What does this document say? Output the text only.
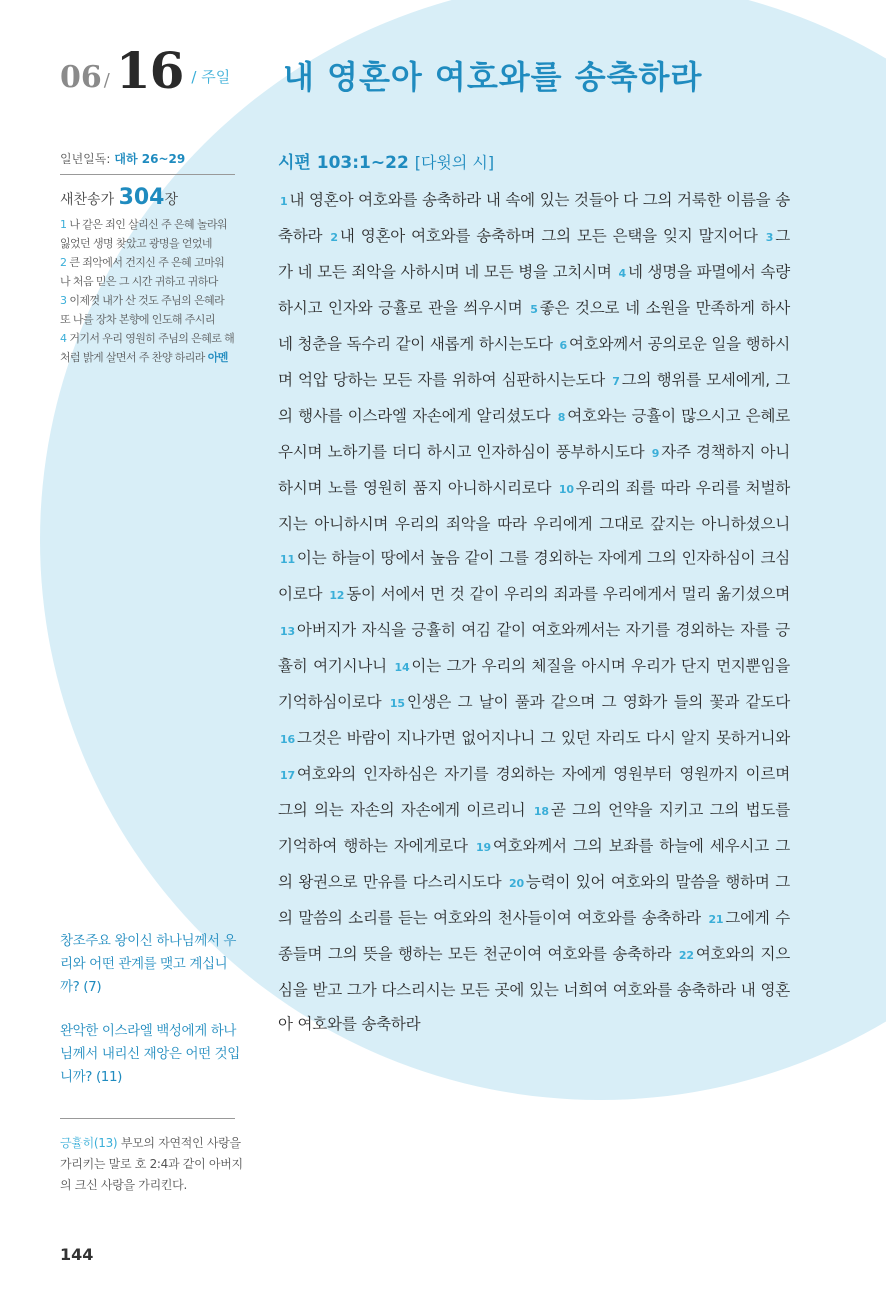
06 / 16 / 주일 내 영혼아 여호와를 송축하라
일년일독: 대하 26~29
새찬송가 304장
1 나 같은 죄인 살리신 주 은혜 놀라워 잃었던 생명 찾았고 광명을 얻었네
2 큰 죄악에서 건지신 주 은혜 고마워 나 처음 믿은 그 시간 귀하고 귀하다
3 이제껏 내가 산 것도 주님의 은혜라 또 나를 장차 본향에 인도해 주시리
4 거기서 우리 영원히 주님의 은혜로 해처럼 밝게 살면서 주 찬양 하리라 아멘
창조주요 왕이신 하나님께서 우리와 어떤 관계를 맺고 계십니까? (7)
완악한 이스라엘 백성에게 하나님께서 내리신 재앙은 어떤 것입니까? (11)
긍휼히(13) 부모의 자연적인 사랑을 가리키는 말로 호 2:4과 같이 아버지의 크신 사랑을 가리킨다.
144
시편 103:1~22 [다윗의 시]
1 내 영혼아 여호와를 송축하라 내 속에 있는 것들아 다 그의 거룩한 이름을 송축하라 2 내 영혼아 여호와를 송축하며 그의 모든 은택을 잊지 말지어다 3 그가 네 모든 죄악을 사하시며 네 모든 병을 고치시며 4 네 생명을 파멸에서 속량하시고 인자와 긍휼로 관을 씌우시며 5 좋은 것으로 네 소원을 만족하게 하사 네 청춘을 독수리 같이 새롭게 하시는도다 6 여호와께서 공의로운 일을 행하시며 억압 당하는 모든 자를 위하여 심판하시는도다 7 그의 행위를 모세에게, 그의 행사를 이스라엘 자손에게 알리셨도다 8 여호와는 긍휼이 많으시고 은혜로우시며 노하기를 더디 하시고 인자하심이 풍부하시도다 9 자주 경책하지 아니하시며 노를 영원히 품지 아니하시리로다 10 우리의 죄를 따라 우리를 처벌하지는 아니하시며 우리의 죄악을 따라 우리에게 그대로 갚지는 아니하셨으니 11 이는 하늘이 땅에서 높음 같이 그를 경외하는 자에게 그의 인자하심이 크심이로다 12 동이 서에서 먼 것 같이 우리의 죄과를 우리에게서 멀리 옮기셨으며 13 아버지가 자식을 긍휼히 여김 같이 여호와께서는 자기를 경외하는 자를 긍휼히 여기시나니 14 이는 그가 우리의 체질을 아시며 우리가 단지 먼지뿐임을 기억하심이로다 15 인생은 그 날이 풀과 같으며 그 영화가 들의 꽃과 같도다 16 그것은 바람이 지나가면 없어지나니 그 있던 자리도 다시 알지 못하거니와 17 여호와의 인자하심은 자기를 경외하는 자에게 영원부터 영원까지 이르며 그의 의는 자손의 자손에게 이르리니 18 곧 그의 언약을 지키고 그의 법도를 기억하여 행하는 자에게로다 19 여호와께서 그의 보좌를 하늘에 세우시고 그의 왕권으로 만유를 다스리시도다 20 능력이 있어 여호와의 말씀을 행하며 그의 말씀의 소리를 듣는 여호와의 천사들이여 여호와를 송축하라 21 그에게 수종들며 그의 뜻을 행하는 모든 천군이여 여호와를 송축하라 22 여호와의 지으심을 받고 그가 다스리시는 모든 곳에 있는 너희여 여호와를 송축하라 내 영혼아 여호와를 송축하라
